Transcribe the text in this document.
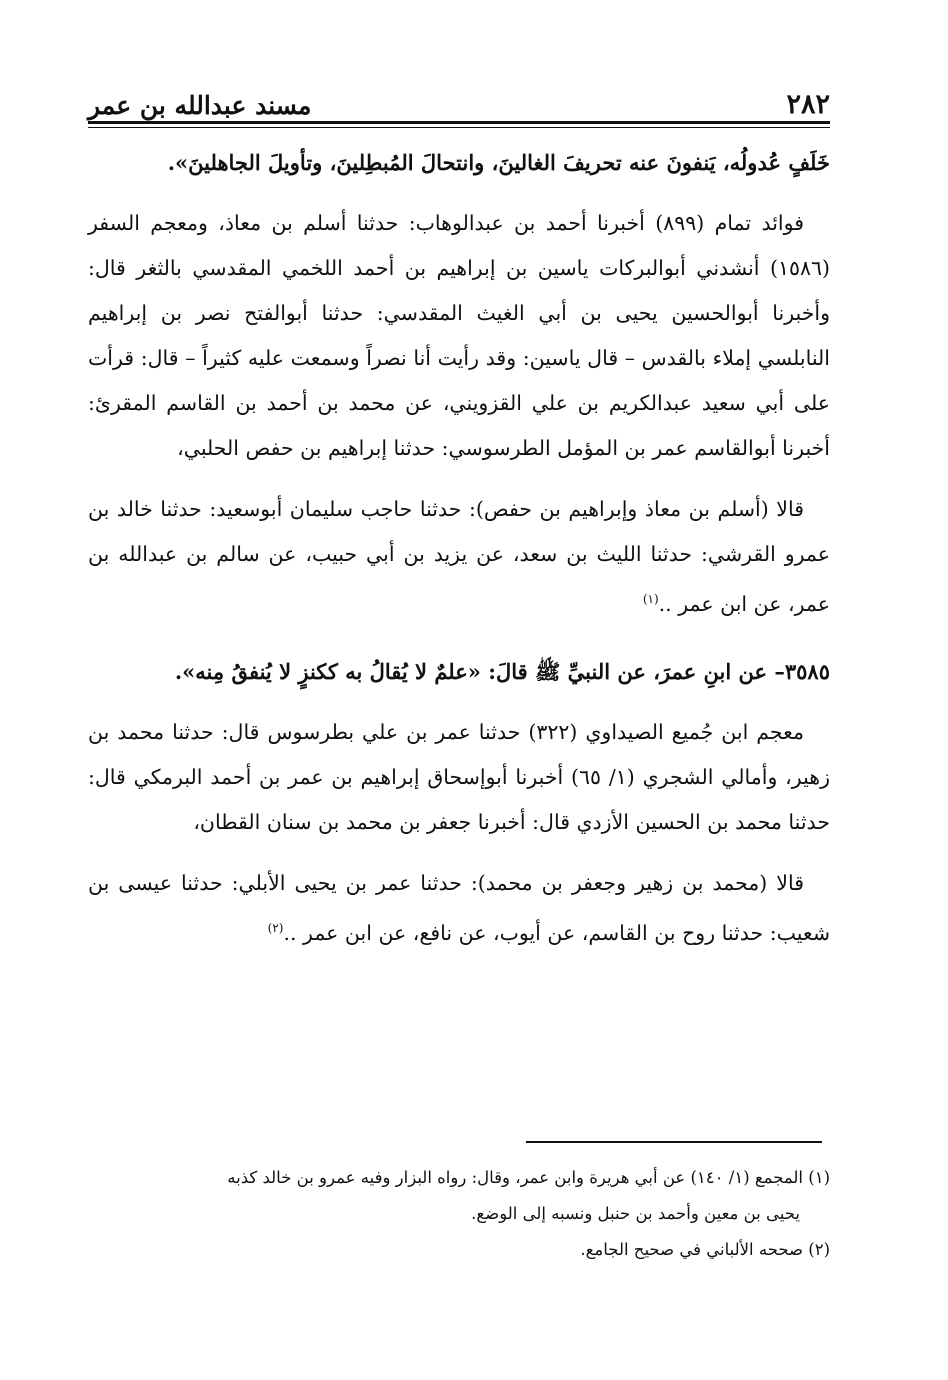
٢٨٢
مسند عبدالله بن عمر

خَلَفٍ عُدولُه، يَنفونَ عنه تحريفَ الغالينَ، وانتحالَ المُبطِلينَ، وتأويلَ الجاهلينَ».

فوائد تمام (٨٩٩) أخبرنا أحمد بن عبدالوهاب: حدثنا أسلم بن معاذ، ومعجم السفر (١٥٨٦) أنشدني أبوالبركات ياسين بن إبراهيم بن أحمد اللخمي المقدسي بالثغر قال: وأخبرنا أبوالحسين يحيى بن أبي الغيث المقدسي: حدثنا أبوالفتح نصر بن إبراهيم النابلسي إملاء بالقدس – قال ياسين: وقد رأيت أنا نصراً وسمعت عليه كثيراً – قال: قرأت على أبي سعيد عبدالكريم بن علي القزويني، عن محمد بن أحمد بن القاسم المقرئ: أخبرنا أبوالقاسم عمر بن المؤمل الطرسوسي: حدثنا إبراهيم بن حفص الحلبي،

قالا (أسلم بن معاذ وإبراهيم بن حفص): حدثنا حاجب سليمان أبوسعيد: حدثنا خالد بن عمرو القرشي: حدثنا الليث بن سعد، عن يزيد بن أبي حبيب، عن سالم بن عبدالله بن عمر، عن ابن عمر ..$^{(١)}$

٣٥٨٥– عن ابنِ عمرَ، عن النبيِّ ﷺ قالَ: «علمٌ لا يُقالُ به ككنزٍ لا يُنفقُ مِنه».

معجم ابن جُميع الصيداوي (٣٢٢) حدثنا عمر بن علي بطرسوس قال: حدثنا محمد بن زهير، وأمالي الشجري (١/ ٦٥) أخبرنا أبوإسحاق إبراهيم بن عمر بن أحمد البرمكي قال: حدثنا محمد بن الحسين الأزدي قال: أخبرنا جعفر بن محمد بن سنان القطان،

قالا (محمد بن زهير وجعفر بن محمد): حدثنا عمر بن يحيى الأبلي: حدثنا عيسى بن شعيب: حدثنا روح بن القاسم، عن أيوب، عن نافع، عن ابن عمر ..$^{(٢)}$

(١) المجمع (١/ ١٤٠) عن أبي هريرة وابن عمر، وقال: رواه البزار وفيه عمرو بن خالد كذبه

يحيى بن معين وأحمد بن حنبل ونسبه إلى الوضع.

(٢) صححه الألباني في صحيح الجامع.
